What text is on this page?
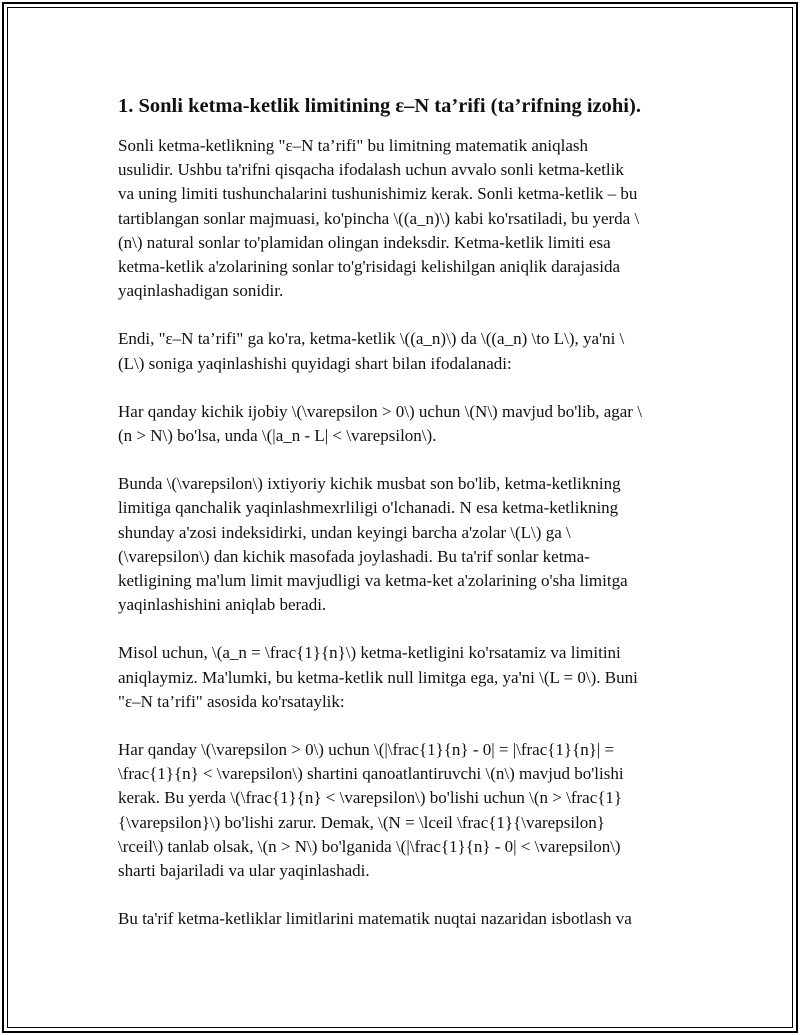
1. Sonli ketma-ketlik limitining ε–N ta’rifi (ta’rifning izohi).

Sonli ketma-ketlikning "ε–N ta’rifi" bu limitning matematik aniqlash
usulidir. Ushbu ta'rifni qisqacha ifodalash uchun avvalo sonli ketma-ketlik
va uning limiti tushunchalarini tushunishimiz kerak. Sonli ketma-ketlik – bu
tartiblangan sonlar majmuasi, ko'pincha \((a_n)\) kabi ko'rsatiladi, bu yerda \
(n\) natural sonlar to'plamidan olingan indeksdir. Ketma-ketlik limiti esa
ketma-ketlik a'zolarining sonlar to'g'risidagi kelishilgan aniqlik darajasida
yaqinlashadigan sonidir.

Endi, "ε–N ta’rifi" ga ko'ra, ketma-ketlik \((a_n)\) da \((a_n) \to L\), ya'ni \
(L\) soniga yaqinlashishi quyidagi shart bilan ifodalanadi:

Har qanday kichik ijobiy \(\varepsilon > 0\) uchun \(N\) mavjud bo'lib, agar \
(n > N\) bo'lsa, unda \(|a_n - L| < \varepsilon\).

Bunda \(\varepsilon\) ixtiyoriy kichik musbat son bo'lib, ketma-ketlikning
limitiga qanchalik yaqinlashmexrliligi o'lchanadi. N esa ketma-ketlikning
shunday a'zosi indeksidirki, undan keyingi barcha a'zolar \(L\) ga \
(\varepsilon\) dan kichik masofada joylashadi. Bu ta'rif sonlar ketma-
ketligining ma'lum limit mavjudligi va ketma-ket a'zolarining o'sha limitga
yaqinlashishini aniqlab beradi.

Misol uchun, \(a_n = \frac{1}{n}\) ketma-ketligini ko'rsatamiz va limitini
aniqlaymiz. Ma'lumki, bu ketma-ketlik null limitga ega, ya'ni \(L = 0\). Buni
"ε–N ta’rifi" asosida ko'rsataylik:

Har qanday \(\varepsilon > 0\) uchun \(|\frac{1}{n} - 0| = |\frac{1}{n}| =
\frac{1}{n} < \varepsilon\) shartini qanoatlantiruvchi \(n\) mavjud bo'lishi
kerak. Bu yerda \(\frac{1}{n} < \varepsilon\) bo'lishi uchun \(n > \frac{1}
{\varepsilon}\) bo'lishi zarur. Demak, \(N = \lceil \frac{1}{\varepsilon}
\rceil\) tanlab olsak, \(n > N\) bo'lganida \(|\frac{1}{n} - 0| < \varepsilon\)
sharti bajariladi va ular yaqinlashadi.

Bu ta'rif ketma-ketliklar limitlarini matematik nuqtai nazaridan isbotlash va
